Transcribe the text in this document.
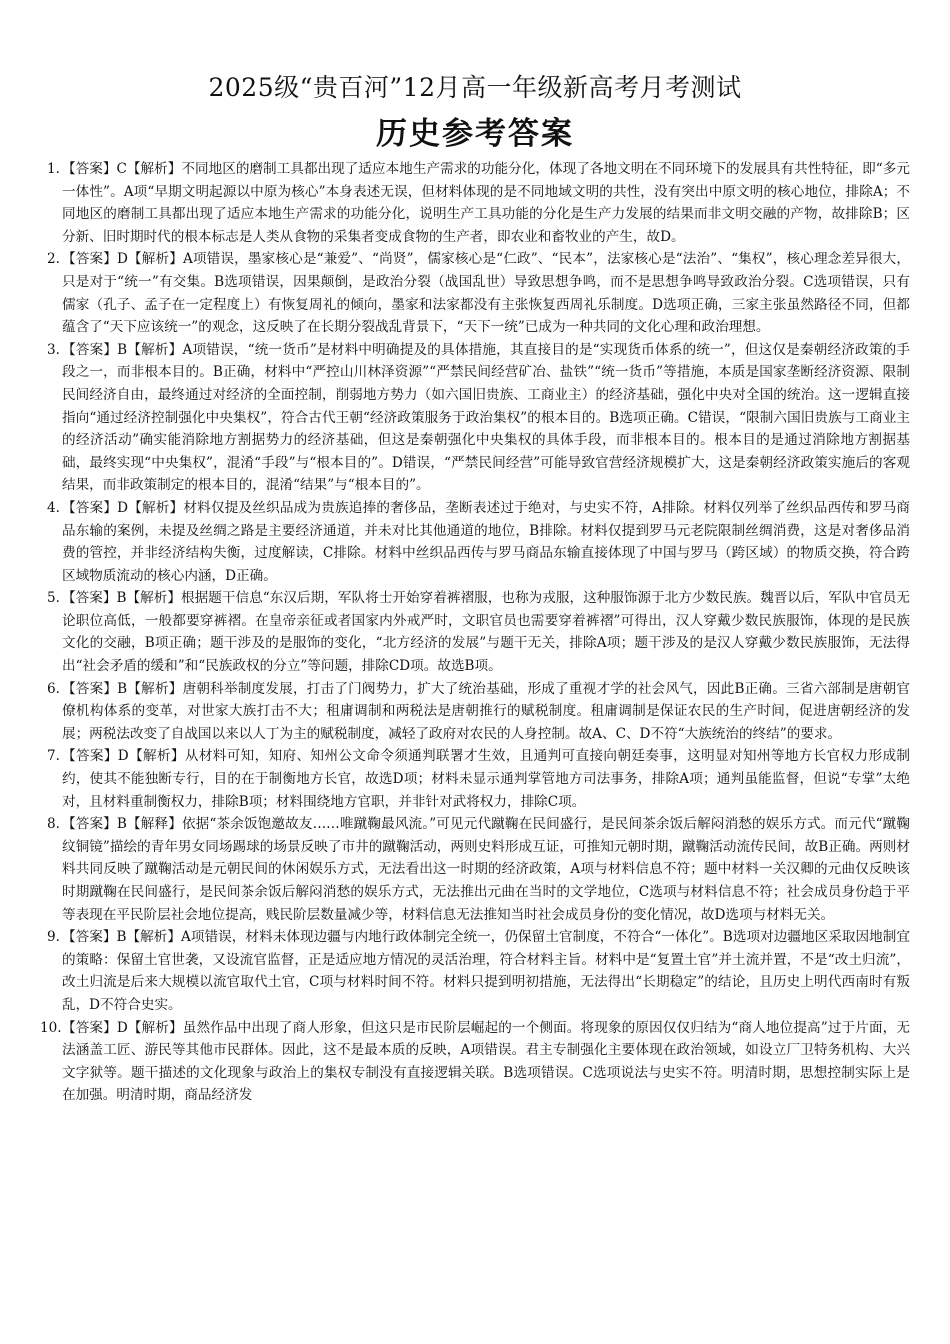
2025级“贵百河”12月高一年级新高考月考测试
历史参考答案
1. 【答案】C【解析】不同地区的磨制工具都出现了适应本地生产需求的功能分化，体现了各地文明在不同环境下的发展具有共性特征，即“多元一体性”。A项“早期文明起源以中原为核心”本身表述无误，但材料体现的是不同地域文明的共性，没有突出中原文明的核心地位，排除A；不同地区的磨制工具都出现了适应本地生产需求的功能分化，说明生产工具功能的分化是生产力发展的结果而非文明交融的产物，故排除B；区分新、旧时期时代的根本标志是人类从食物的采集者变成食物的生产者，即农业和畜牧业的产生，故D。
2. 【答案】D【解析】A项错误，墨家核心是“兼爱”、“尚贤”，儒家核心是“仁政”、“民本”，法家核心是“法治”、“集权”，核心理念差异很大，只是对于“统一”有交集。B选项错误，因果颠倒，是政治分裂（战国乱世）导致思想争鸣，而不是思想争鸣导致政治分裂。C选项错误，只有儒家（孔子、孟子在一定程度上）有恢复周礼的倾向，墨家和法家都没有主张恢复西周礼乐制度。D选项正确，三家主张虽然路径不同，但都蕴含了“天下应该统一”的观念，这反映了在长期分裂战乱背景下，“天下一统”已成为一种共同的文化心理和政治理想。
3. 【答案】B【解析】A项错误，“统一货币”是材料中明确提及的具体措施，其直接目的是“实现货币体系的统一”，但这仅是秦朝经济政策的手段之一，而非根本目的。B正确，材料中“严控山川林泽资源”“严禁民间经营矿冶、盐铁”“统一货币”等措施，本质是国家垄断经济资源、限制民间经济自由，最终通过对经济的全面控制，削弱地方势力（如六国旧贵族、工商业主）的经济基础，强化中央对全国的统治。这一逻辑直接指向“通过经济控制强化中央集权”，符合古代王朝“经济政策服务于政治集权”的根本目的。B选项正确。C错误，“限制六国旧贵族与工商业主的经济活动”确实能消除地方割据势力的经济基础，但这是秦朝强化中央集权的具体手段，而非根本目的。根本目的是通过消除地方割据基础，最终实现“中央集权”，混淆“手段”与“根本目的”。D错误，“严禁民间经营”可能导致官营经济规模扩大，这是秦朝经济政策实施后的客观结果，而非政策制定的根本目的，混淆“结果”与“根本目的”。
4. 【答案】D【解析】材料仅提及丝织品成为贵族追捧的奢侈品，垄断表述过于绝对，与史实不符，A排除。材料仅列举了丝织品西传和罗马商品东输的案例，未提及丝绸之路是主要经济通道，并未对比其他通道的地位，B排除。材料仅提到罗马元老院限制丝绸消费，这是对奢侈品消费的管控，并非经济结构失衡，过度解读，C排除。材料中丝织品西传与罗马商品东输直接体现了中国与罗马（跨区域）的物质交换，符合跨区域物质流动的核心内涵，D正确。
5. 【答案】B【解析】根据题干信息“东汉后期，军队将士开始穿着裤褶服，也称为戎服，这种服饰源于北方少数民族。魏晋以后，军队中官员无论职位高低，一般都要穿裤褶。在皇帝亲征或者国家内外戒严时，文职官员也需要穿着裤褶”可得出，汉人穿戴少数民族服饰，体现的是民族文化的交融，B项正确；题干涉及的是服饰的变化，“北方经济的发展”与题干无关，排除A项；题干涉及的是汉人穿戴少数民族服饰，无法得出“社会矛盾的缓和”和“民族政权的分立”等问题，排除CD项。故选B项。
6. 【答案】B【解析】唐朝科举制度发展，打击了门阀势力，扩大了统治基础，形成了重视才学的社会风气，因此B正确。三省六部制是唐朝官僚机构体系的变革，对世家大族打击不大；租庸调制和两税法是唐朝推行的赋税制度。租庸调制是保证农民的生产时间，促进唐朝经济的发展；两税法改变了自战国以来以人丁为主的赋税制度，减轻了政府对农民的人身控制。故A、C、D不符“大族统治的终结”的要求。
7. 【答案】D【解析】从材料可知，知府、知州公文命令须通判联署才生效，且通判可直接向朝廷奏事，这明显对知州等地方长官权力形成制约，使其不能独断专行，目的在于制衡地方长官，故选D项；材料未显示通判掌管地方司法事务，排除A项；通判虽能监督，但说“专掌”太绝对，且材料重制衡权力，排除B项；材料围绕地方官职，并非针对武将权力，排除C项。
8. 【答案】B【解释】依据“茶余饭饱邀故友……唯蹴鞠最风流。”可见元代蹴鞠在民间盛行，是民间茶余饭后解闷消愁的娱乐方式。而元代“蹴鞠纹铜镜”描绘的青年男女同场踢球的场景反映了市井的蹴鞠活动，两则史料形成互证，可推知元朝时期，蹴鞠活动流传民间，故B正确。两则材料共同反映了蹴鞠活动是元朝民间的休闲娱乐方式，无法看出这一时期的经济政策，A项与材料信息不符；题中材料一关汉卿的元曲仅反映该时期蹴鞠在民间盛行，是民间茶余饭后解闷消愁的娱乐方式，无法推出元曲在当时的文学地位，C选项与材料信息不符；社会成员身份趋于平等表现在平民阶层社会地位提高，贱民阶层数量减少等，材料信息无法推知当时社会成员身份的变化情况，故D选项与材料无关。
9. 【答案】B【解析】A项错误，材料未体现边疆与内地行政体制完全统一，仍保留土官制度，不符合“一体化”。B选项对边疆地区采取因地制宜的策略：保留土官世袭，又设流官监督，正是适应地方情况的灵活治理，符合材料主旨。材料中是“复置土官”并土流并置，不是“改土归流”，改土归流是后来大规模以流官取代土官，C项与材料时间不符。材料只提到明初措施，无法得出“长期稳定”的结论，且历史上明代西南时有叛乱，D不符合史实。
10. 【答案】D【解析】虽然作品中出现了商人形象，但这只是市民阶层崛起的一个侧面。将现象的原因仅仅归结为“商人地位提高”过于片面，无法涵盖工匠、游民等其他市民群体。因此，这不是最本质的反映，A项错误。君主专制强化主要体现在政治领域，如设立厂卫特务机构、大兴文字狱等。题干描述的文化现象与政治上的集权专制没有直接逻辑关联。B选项错误。C选项说法与史实不符。明清时期，思想控制实际上是在加强。明清时期，商品经济发
